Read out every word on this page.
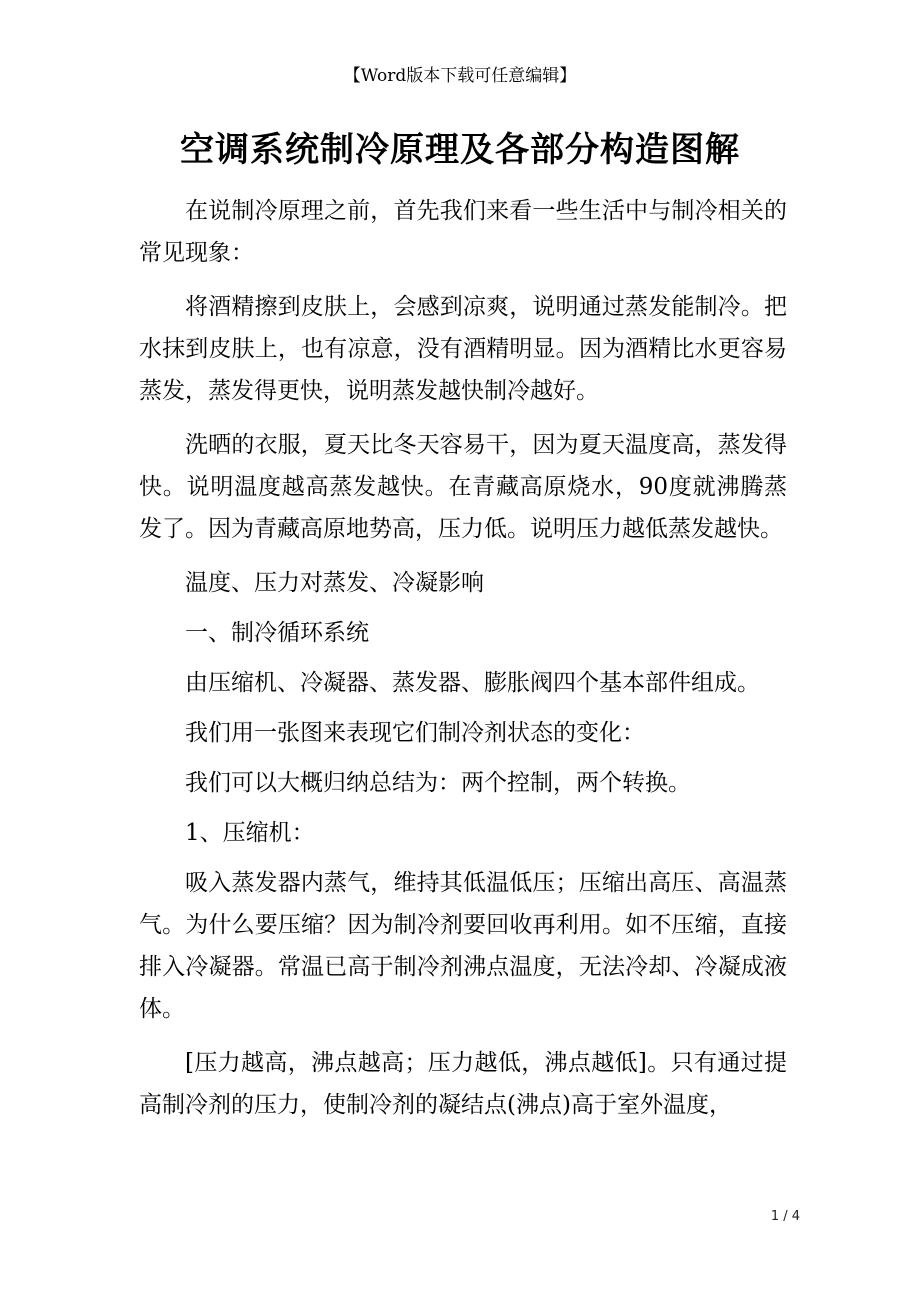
【Word版本下载可任意编辑】
空调系统制冷原理及各部分构造图解

在说制冷原理之前，首先我们来看一些生活中与制冷相关的常见现象：

将酒精擦到皮肤上，会感到凉爽，说明通过蒸发能制冷。把水抹到皮肤上，也有凉意，没有酒精明显。因为酒精比水更容易蒸发，蒸发得更快，说明蒸发越快制冷越好。

洗晒的衣服，夏天比冬天容易干，因为夏天温度高，蒸发得快。说明温度越高蒸发越快。在青藏高原烧水，90度就沸腾蒸发了。因为青藏高原地势高，压力低。说明压力越低蒸发越快。

温度、压力对蒸发、冷凝影响

一、制冷循环系统

由压缩机、冷凝器、蒸发器、膨胀阀四个基本部件组成。

我们用一张图来表现它们制冷剂状态的变化：

我们可以大概归纳总结为：两个控制，两个转换。

1、压缩机：

吸入蒸发器内蒸气，维持其低温低压；压缩出高压、高温蒸气。为什么要压缩？因为制冷剂要回收再利用。如不压缩，直接排入冷凝器。常温已高于制冷剂沸点温度，无法冷却、冷凝成液体。

[压力越高，沸点越高；压力越低，沸点越低]。只有通过提高制冷剂的压力，使制冷剂的凝结点(沸点)高于室外温度，

1 / 4
